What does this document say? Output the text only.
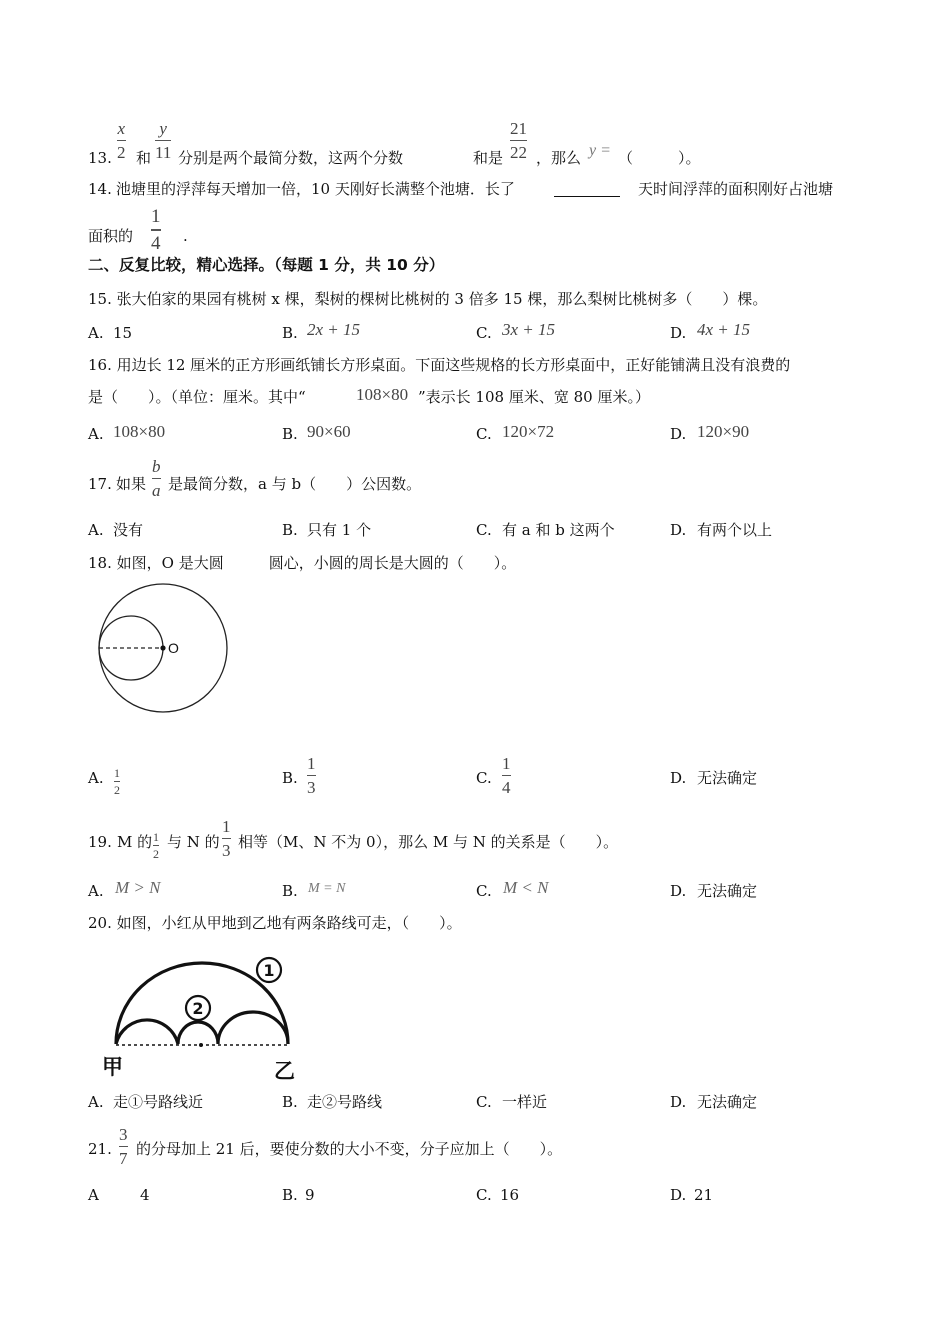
13.
x
2 和
y
11 分别是两个最简分数，这两个分数	和是
21
22 ，那么 y = （　　　）。
14. 池塘里的浮萍每天增加一倍，10 天刚好长满整个池塘．长了	天时间浮萍的面积刚好占池塘
面积的
1
4 .
二、反复比较，精心选择。（每题 1 分，共 10 分）
15. 张大伯家的果园有桃树 x 棵，梨树的棵树比桃树的 3 倍多 15 棵，那么梨树比桃树多（　　）棵。
A. 15	B. 2x + 15	C. 3x + 15	D. 4x + 15
16. 用边长 12 厘米的正方形画纸铺长方形桌面。下面这些规格的长方形桌面中，正好能铺满且没有浪费的
是（　　）。（单位：厘米。其中“	108×80 ”表示长 108 厘米、宽 80 厘米。）
A. 108×80	B. 90×60	C. 120×72	D. 120×90
17. 如果
b
a 是最简分数，a 与 b（　　）公因数。
A. 没有	B. 只有 1 个	C. 有 a 和 b 这两个	D. 有两个以上
18. 如图，O 是大圆　　　圆心，小圆的周长是大圆的（　　）。
O
A. 1
2
B.
1
3	C.
1
4	D. 无法确定
19. M 的 1
2
与 N 的
1
3 相等（M、N 不为 0），那么 M 与 N 的关系是（　　）。
A. M > N	B. M = N	C. M < N	D. 无法确定
20. 如图，小红从甲地到乙地有两条路线可走，（　　）。
1
2
甲	乙
A. 走①号路线近	B. 走②号路线	C. 一样近	D. 无法确定
21.
3
7 的分母加上 21 后，要使分数的大小不变，分子应加上（　　）。
A	4	B. 9	C. 16	D. 21
